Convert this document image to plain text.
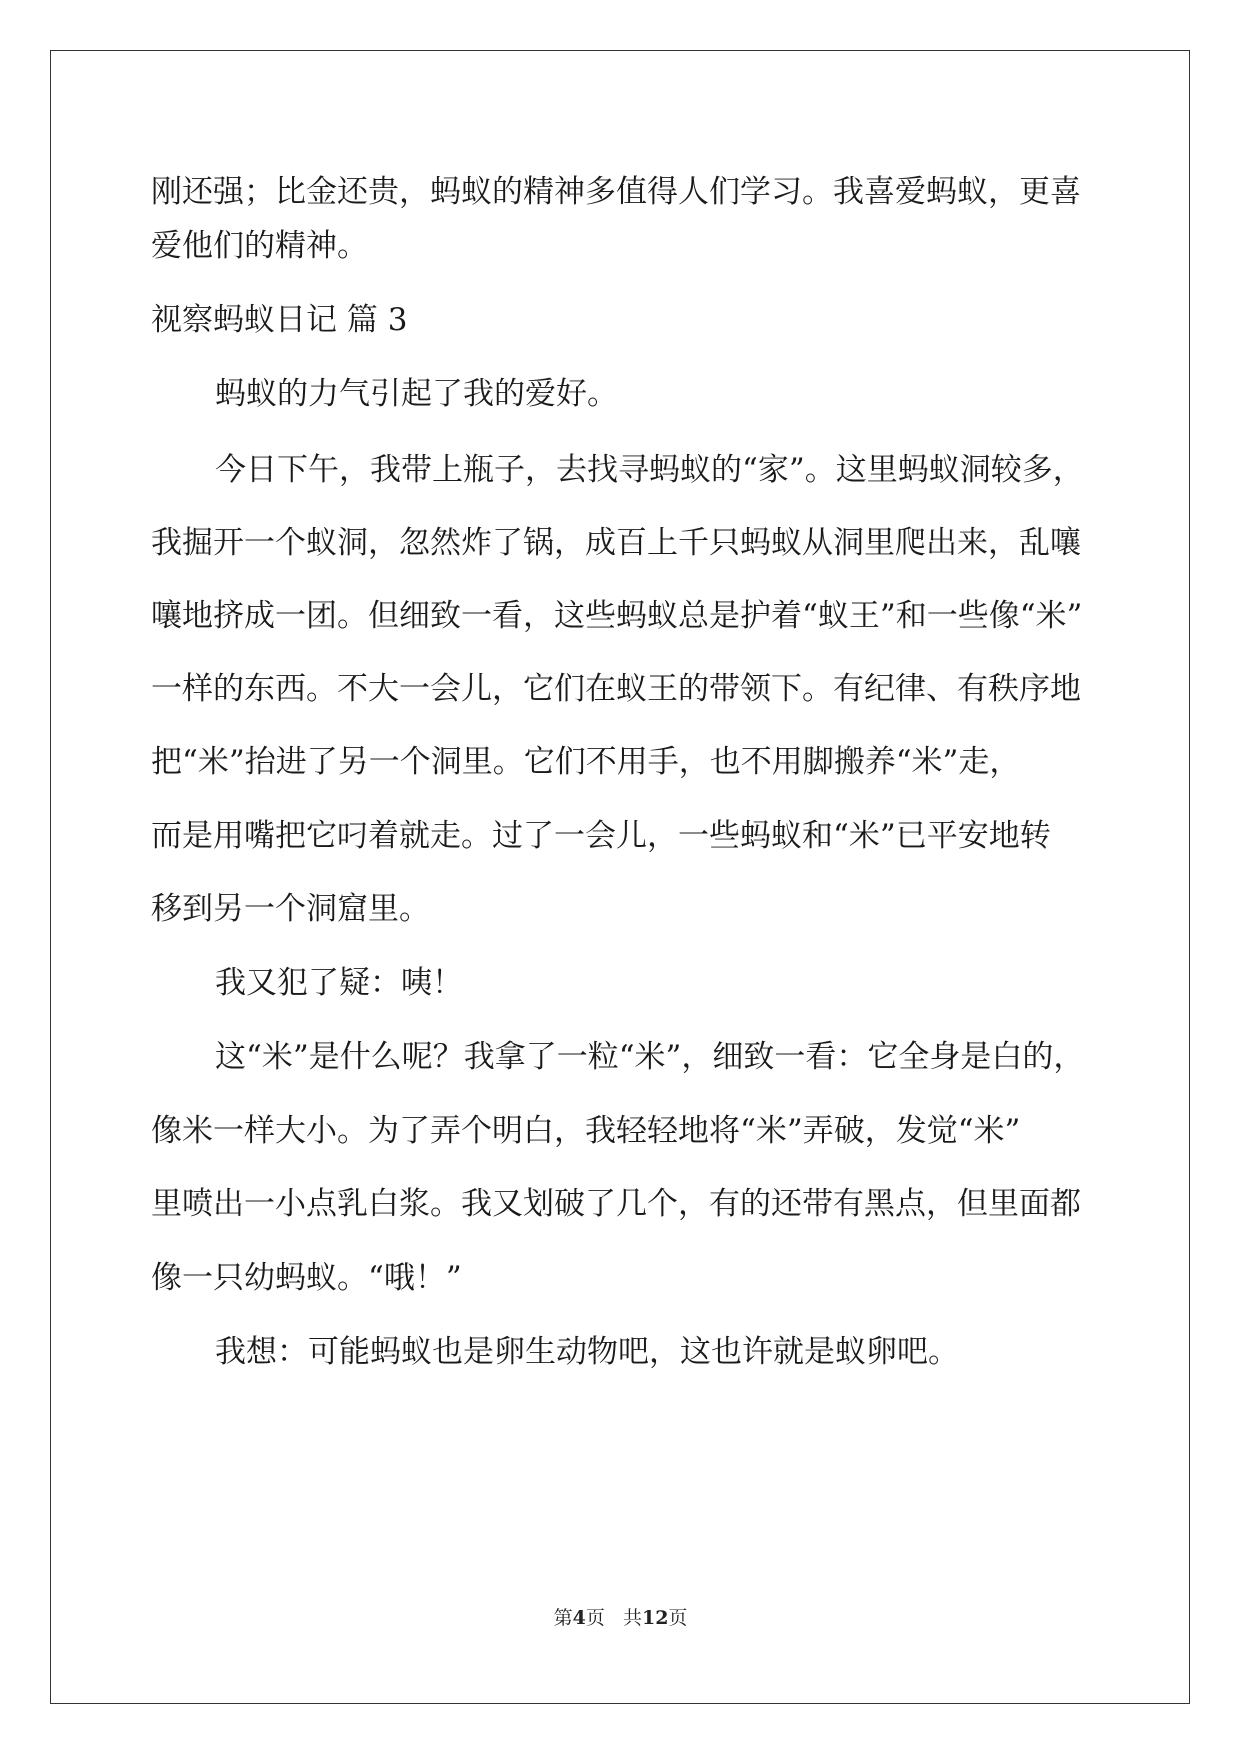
刚还强；比金还贵，蚂蚁的精神多值得人们学习。我喜爱蚂蚁，更喜
爱他们的精神。
视察蚂蚁日记 篇 3
蚂蚁的力气引起了我的爱好。
今日下午，我带上瓶子，去找寻蚂蚁的“家”。这里蚂蚁洞较多，
我掘开一个蚁洞，忽然炸了锅，成百上千只蚂蚁从洞里爬出来，乱嚷
嚷地挤成一团。但细致一看，这些蚂蚁总是护着“蚁王”和一些像“米”
一样的东西。不大一会儿，它们在蚁王的带领下。有纪律、有秩序地
把“米”抬进了另一个洞里。它们不用手，也不用脚搬养“米”走，
而是用嘴把它叼着就走。过了一会儿，一些蚂蚁和“米”已平安地转
移到另一个洞窟里。
我又犯了疑：咦！
这“米”是什么呢？我拿了一粒“米”，细致一看：它全身是白的，
像米一样大小。为了弄个明白，我轻轻地将“米”弄破，发觉“米”
里喷出一小点乳白浆。我又划破了几个，有的还带有黑点，但里面都
像一只幼蚂蚁。“哦！”
我想：可能蚂蚁也是卵生动物吧，这也许就是蚁卵吧。
第4页 共12页
